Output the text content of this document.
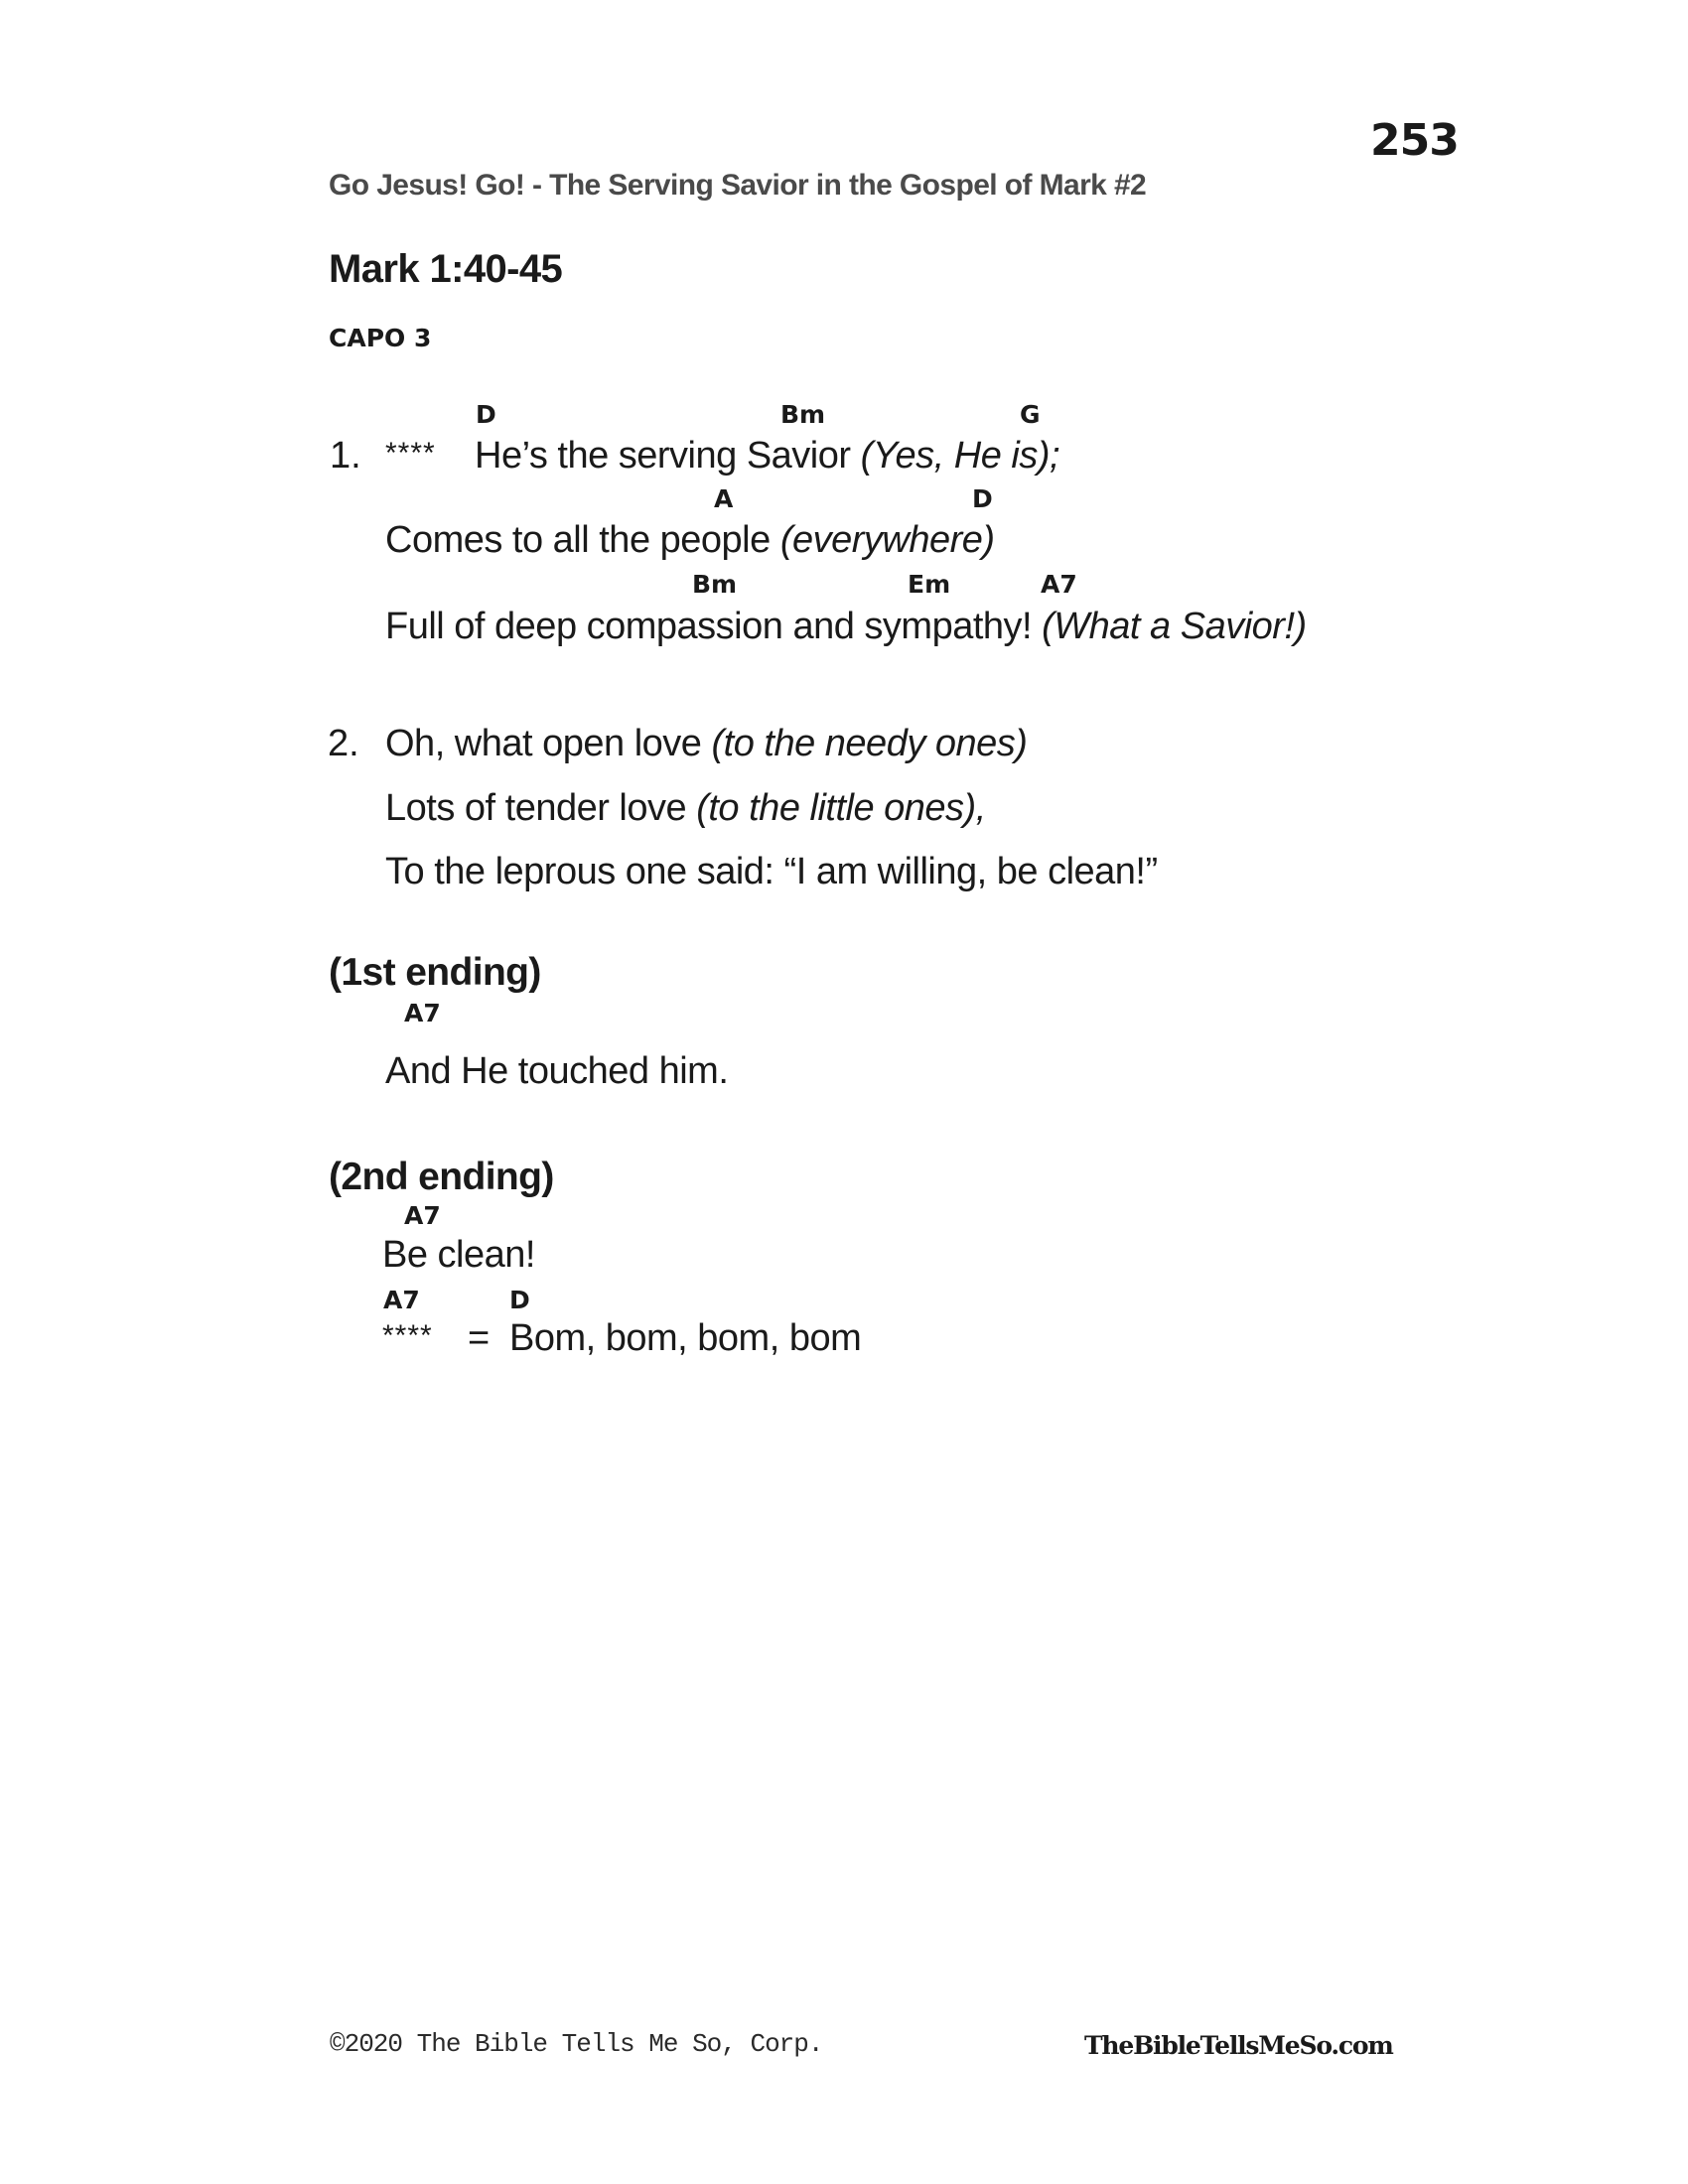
253
Go Jesus! Go! - The Serving Savior in the Gospel of Mark #2
Mark 1:40-45
CAPO 3
D	Bm	G
1. **** He’s the serving Savior (Yes, He is);
A	D
Comes to all the people (everywhere)
Bm	Em	A7
Full of deep compassion and sympathy! (What a Savior!)
2. Oh, what open love (to the needy ones)
Lots of tender love (to the little ones),
To the leprous one said: “I am willing, be clean!”
(1st ending)
A7
And He touched him.
(2nd ending)
A7
Be clean!
A7	D
**** = Bom, bom, bom, bom
©2020 The Bible Tells Me So, Corp.	TheBibleTellsMeSo.com
